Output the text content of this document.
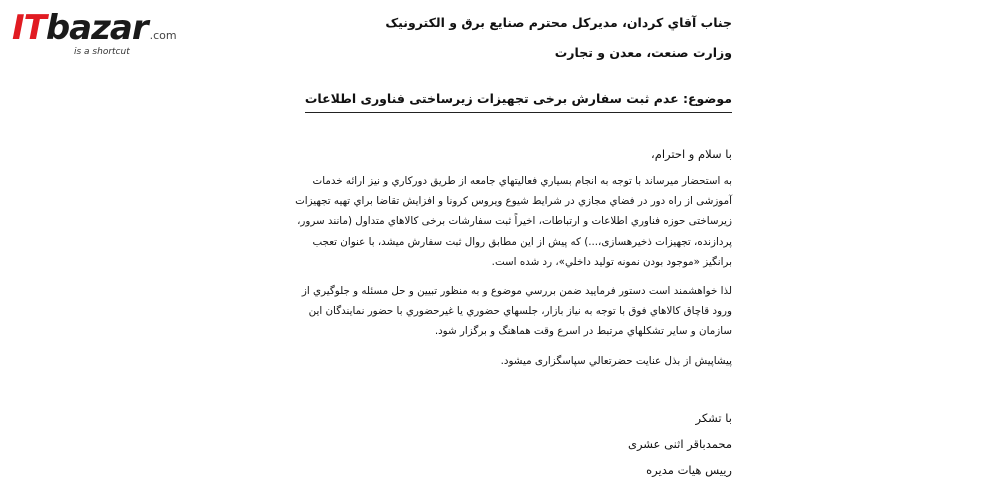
ITbazar .com
is a shortcut

جناب آقاي کردان، مديرکل محترم صنايع برق و الکترونيک

وزارت صنعت، معدن و تجارت

موضوع: عدم ثبت سفارش برخی تجهیزات زیرساختی فناوری اطلاعات
با سلام و احترام،

به استحضار ميرساند با توجه به انجام بسياري فعاليتهاي جامعه از طريق دورکاري و نيز ارائه خدمات

آموزشی از راه دور در فضاي مجازي در شرايط شيوع ويروس کرونا و افزايش تقاضا براي تهيه تجهيزات

زيرساختی حوزه فناوري اطلاعات و ارتباطات، اخيراً ثبت سفارشات برخی کالاهاي متداول (مانند سرور،

پردازنده، تجهيزات ذخيرهسازی،...) که پيش از اين مطابق روال ثبت سفارش ميشد، با عنوان تعجب

برانگيز «موجود بودن نمونه توليد داخلي»، رد شده است.

لذا خواهشمند است دستور فرماييد ضمن بررسي موضوع و به منظور تبيين و حل مسئله و جلوگيري از

ورود قاچاق کالاهاي فوق با توجه به نياز بازار، جلسهاي حضوري يا غيرحضوري با حضور نمايندگان اين

سازمان و ساير تشکلهاي مرتبط در اسرع وقت هماهنگ و برگزار شود.

پيشاپيش از بذل عنايت حضرتعالي سپاسگزاری ميشود.

با تشکر

محمدباقر اثنی عشری

رييس هيات مديره
